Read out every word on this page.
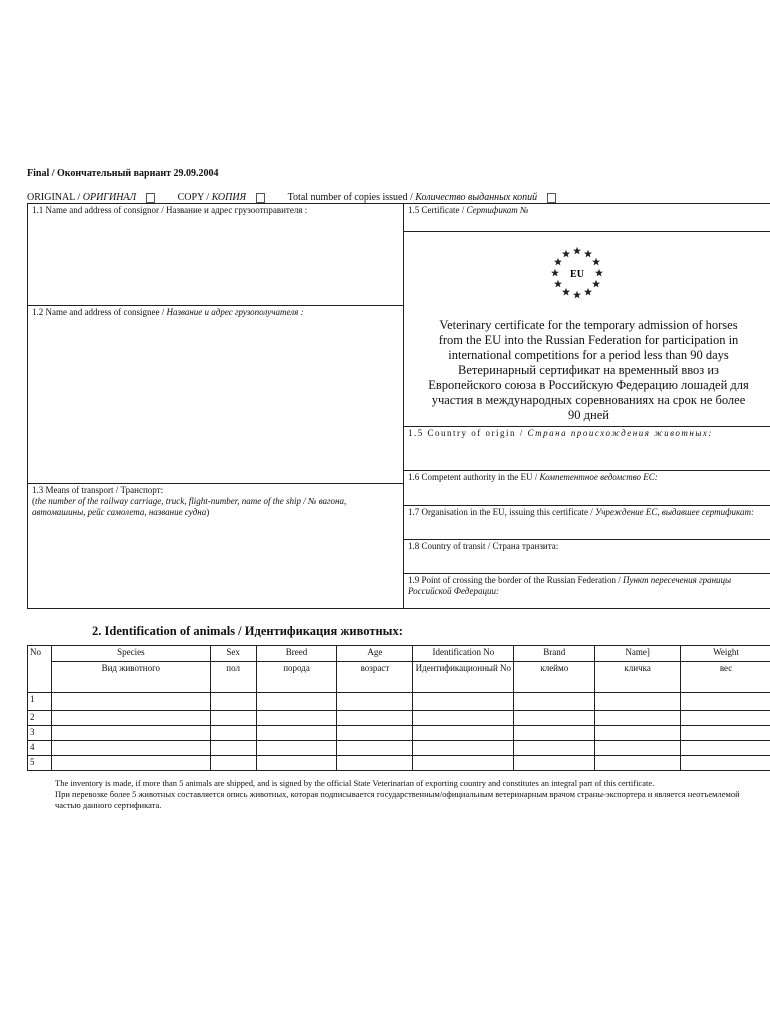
Final / Окончательный вариант 29.09.2004
ORIGINAL / ОРИГИНАЛ	COPY / КОПИЯ	Total number of copies issued / Количество выданных копий
1.1 Name and address of consignor / Название и адрес грузоотправителя :
1.2 Name and address of consignee / Название и адрес грузополучателя :
1.3 Means of transport / Транспорт:
(the number of the railway carriage, truck, flight-number, name of the ship / № вагона, автомашины, рейс самолета, название судна)
1.5 Certificate / Сертификат №
EU
Veterinary certificate for the temporary admission of horses from the EU into the Russian Federation for participation in international competitions for a period less than 90 days
Ветеринарный сертификат на временный ввоз из Европейского союза в Российскую Федерацию лошадей для участия в международных соревнованиях на срок не более 90 дней
1.5 Country of origin / Страна происхождения животных:
1.6 Competent authority in the EU / Компетентное ведомство ЕС:
1.7 Organisation in the EU, issuing this certificate / Учреждение ЕС, выдавшее сертификат:
1.8 Country of transit / Страна транзита:
1.9 Point of crossing the border of the Russian Federation / Пункт пересечения границы Российской Федерации:
2. Identification of animals / Идентификация животных:
No	Species	Sex	Breed	Age	Identification No	Brand	Name]	Weight
	Вид животного	пол	порода	возраст	Идентификационный No	клеймо	кличка	вес
1								
2								
3								
4								
5								
The inventory is made, if more than 5 animals are shipped, and is signed by the official State Veterinarian of exporting country and constitutes an integral part of this certificate.
При перевозке более 5 животных составляется опись животных, которая подписывается государственным/официальным ветеринарным врачом страны-экспортера и является неотъемлемой частью данного сертификата.
